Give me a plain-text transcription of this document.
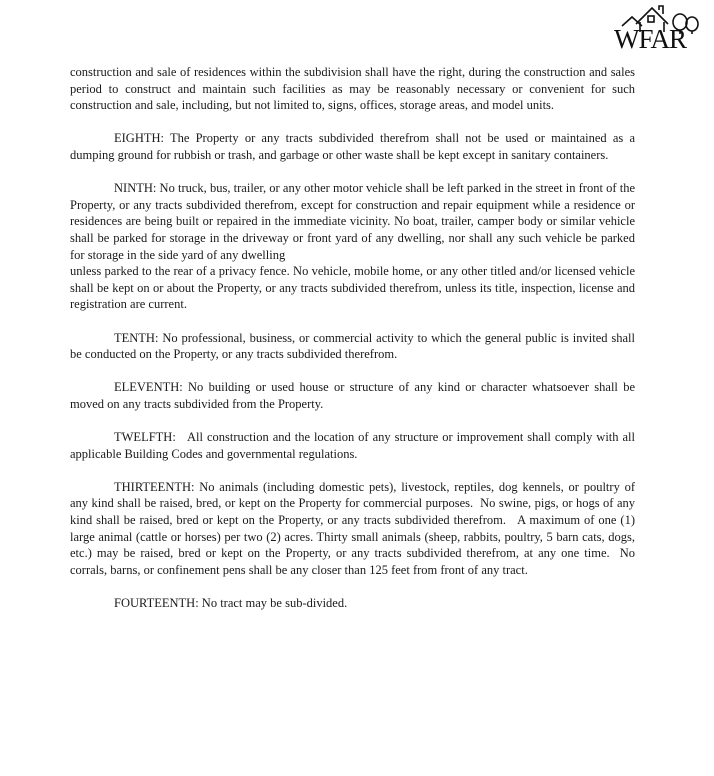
WFAR

construction and sale of residences within the subdivision shall have the right, during the construction and sales period to construct and maintain such facilities as may be reasonably necessary or convenient for such construction and sale, including, but not limited to, signs, offices, storage areas, and model units.

EIGHTH: The Property or any tracts subdivided therefrom shall not be used or maintained as a dumping ground for rubbish or trash, and garbage or other waste shall be kept except in sanitary containers.

NINTH: No truck, bus, trailer, or any other motor vehicle shall be left parked in the street in front of the Property, or any tracts subdivided therefrom, except for construction and repair equipment while a residence or residences are being built or repaired in the immediate vicinity. No boat, trailer, camper body or similar vehicle shall be parked for storage in the driveway or front yard of any dwelling, nor shall any such vehicle be parked for storage in the side yard of any dwelling
unless parked to the rear of a privacy fence. No vehicle, mobile home, or any other titled and/or licensed vehicle shall be kept on or about the Property, or any tracts subdivided therefrom, unless its title, inspection, license and registration are current.

TENTH: No professional, business, or commercial activity to which the general public is invited shall be conducted on the Property, or any tracts subdivided therefrom.

ELEVENTH: No building or used house or structure of any kind or character whatsoever shall be moved on any tracts subdivided from the Property.

TWELFTH:   All construction and the location of any structure or improvement shall comply with all applicable Building Codes and governmental regulations.

THIRTEENTH: No animals (including domestic pets), livestock, reptiles, dog kennels, or poultry of any kind shall be raised, bred, or kept on the Property for commercial purposes.  No swine, pigs, or hogs of any kind shall be raised, bred or kept on the Property, or any tracts subdivided therefrom.   A maximum of one (1) large animal (cattle or horses) per two (2) acres. Thirty small animals (sheep, rabbits, poultry, 5 barn cats, dogs, etc.) may be raised, bred or kept on the Property, or any tracts subdivided therefrom, at any one time.  No corrals, barns, or confinement pens shall be any closer than 125 feet from front of any tract.

FOURTEENTH: No tract may be sub-divided.
